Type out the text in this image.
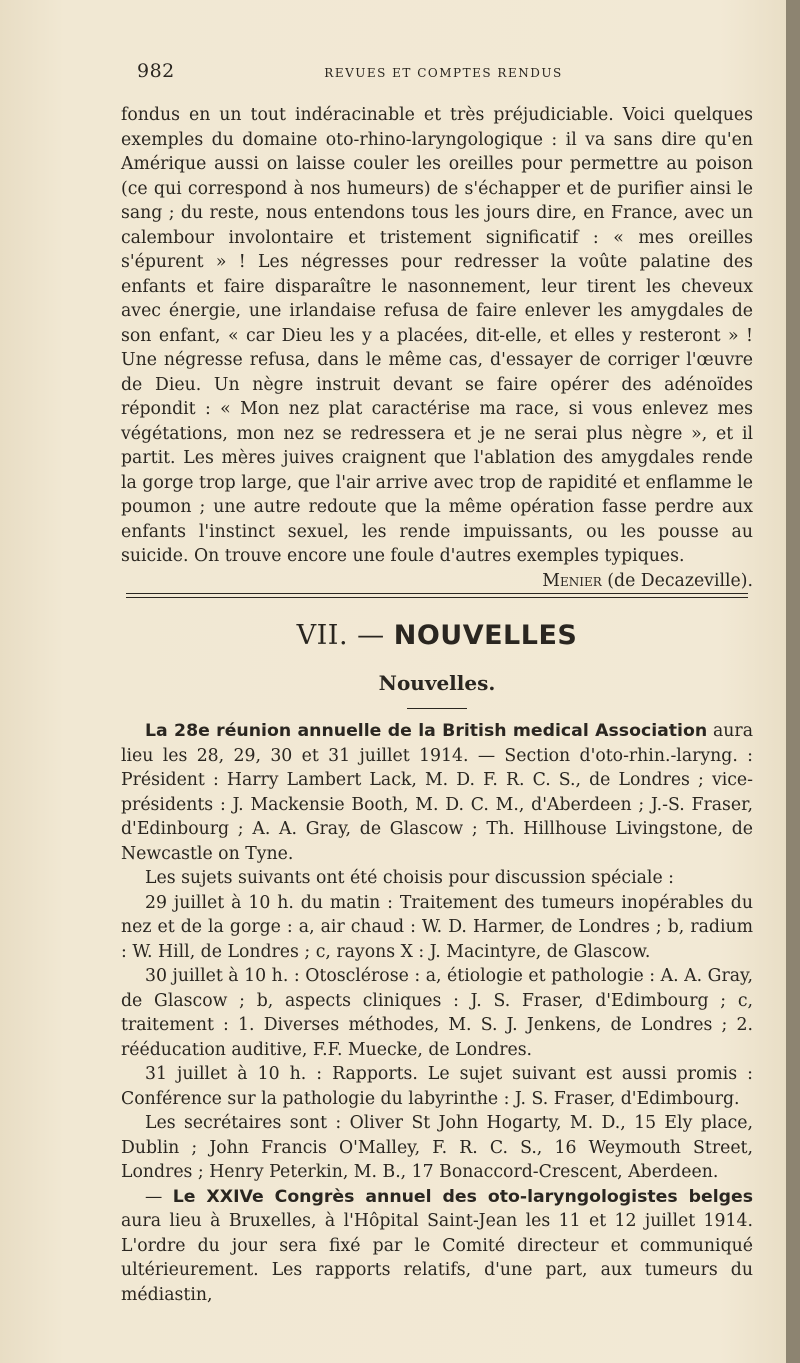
982	REVUES ET COMPTES RENDUS

fondus en un tout indéracinable et très préjudiciable. Voici quelques exemples du domaine oto-rhino-laryngologique : il va sans dire qu'en Amérique aussi on laisse couler les oreilles pour permettre au poison (ce qui correspond à nos humeurs) de s'échapper et de purifier ainsi le sang ; du reste, nous entendons tous les jours dire, en France, avec un calembour involontaire et tristement significatif : « mes oreilles s'épurent » ! Les négresses pour redresser la voûte palatine des enfants et faire disparaître le nasonnement, leur tirent les cheveux avec énergie, une irlandaise refusa de faire enlever les amygdales de son enfant, « car Dieu les y a placées, dit-elle, et elles y resteront » ! Une négresse refusa, dans le même cas, d'essayer de corriger l'œuvre de Dieu. Un nègre instruit devant se faire opérer des adénoïdes répondit : « Mon nez plat caractérise ma race, si vous enlevez mes végétations, mon nez se redressera et je ne serai plus nègre », et il partit. Les mères juives craignent que l'ablation des amygdales rende la gorge trop large, que l'air arrive avec trop de rapidité et enflamme le poumon ; une autre redoute que la même opération fasse perdre aux enfants l'instinct sexuel, les rende impuissants, ou les pousse au suicide. On trouve encore une foule d'autres exemples typiques.
Menier (de Decazeville).

VII. — NOUVELLES
Nouvelles.

La 28e réunion annuelle de la British medical Association aura lieu les 28, 29, 30 et 31 juillet 1914. — Section d'oto-rhin.-laryng. : Président : Harry Lambert Lack, M. D. F. R. C. S., de Londres ; vice-présidents : J. Mackensie Booth, M. D. C. M., d'Aberdeen ; J.-S. Fraser, d'Edinbourg ; A. A. Gray, de Glascow ; Th. Hillhouse Livingstone, de Newcastle on Tyne.

Les sujets suivants ont été choisis pour discussion spéciale :

29 juillet à 10 h. du matin : Traitement des tumeurs inopérables du nez et de la gorge : a, air chaud : W. D. Harmer, de Londres ; b, radium : W. Hill, de Londres ; c, rayons X : J. Macintyre, de Glascow.

30 juillet à 10 h. : Otosclérose : a, étiologie et pathologie : A. A. Gray, de Glascow ; b, aspects cliniques : J. S. Fraser, d'Edimbourg ; c, traitement : 1. Diverses méthodes, M. S. J. Jenkens, de Londres ; 2. rééducation auditive, F.F. Muecke, de Londres.

31 juillet à 10 h. : Rapports. Le sujet suivant est aussi promis : Conférence sur la pathologie du labyrinthe : J. S. Fraser, d'Edimbourg.

Les secrétaires sont : Oliver St John Hogarty, M. D., 15 Ely place, Dublin ; John Francis O'Malley, F. R. C. S., 16 Weymouth Street, Londres ; Henry Peterkin, M. B., 17 Bonaccord-Crescent, Aberdeen.

— Le XXIVe Congrès annuel des oto-laryngologistes belges aura lieu à Bruxelles, à l'Hôpital Saint-Jean les 11 et 12 juillet 1914. L'ordre du jour sera fixé par le Comité directeur et communiqué ultérieurement. Les rapports relatifs, d'une part, aux tumeurs du médiastin,
